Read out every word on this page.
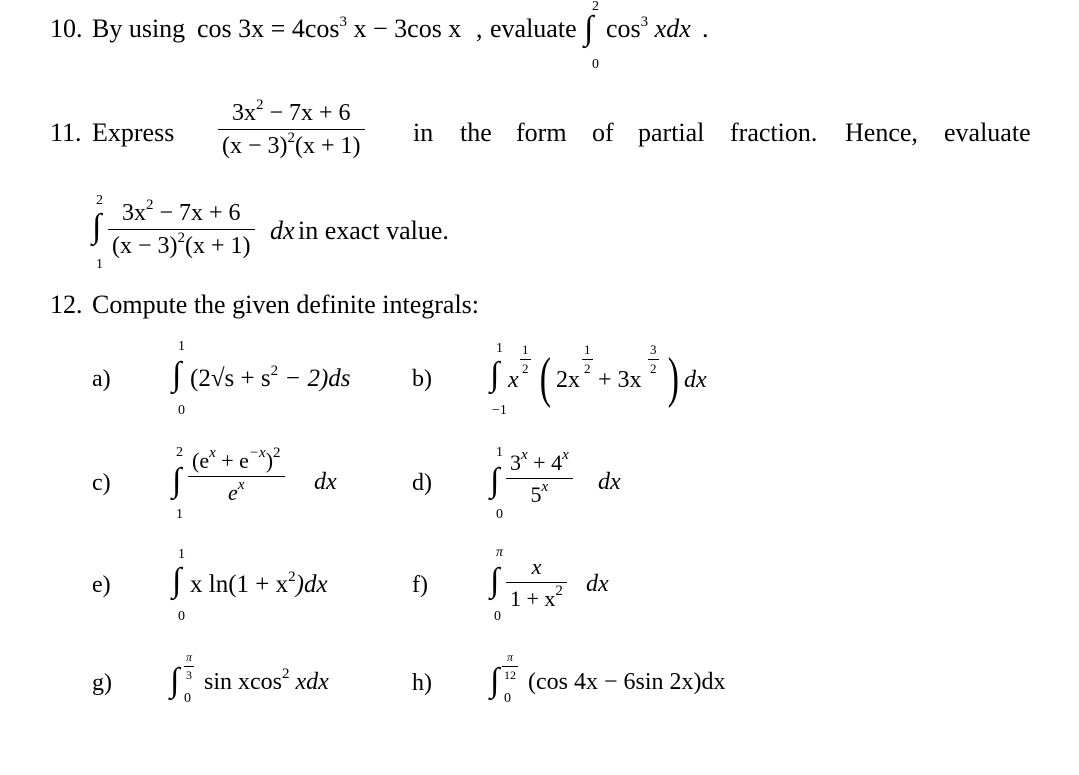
10. By using $\cos 3x = 4\cos^3$ x − 3cos x , evaluate
2
∫
0
$\cos^3$ xdx .
11. Express $\frac{3x^2 - 7x + 6}{(x - 3)^2(x + 1)}$ in the form of partial fraction. Hence, evaluate
2
∫
1
$\frac{3x^2 - 7x + 6}{(x - 3)^2(x + 1)}$ dx in exact value.
12. Compute the given definite integrals:
a)
1
∫
0
$(2√s + s^2 - 2)ds$	b)
1
∫
−1
x
$\frac{1}{2}$ ( 2x
$\frac{1}{2}$
+ 3x
$\frac{3}{2}$ ) dx
c)
2
∫
1
$\frac{(e^x + e^{-x})^2}{e^x}$ dx	d)
1
∫
0
$\frac{3^x + 4^x}{5^x}$ dx
e)
1
∫
0
x $\ln(1 + x^2)dx$	f)
π
∫
0
$\frac{x}{1 + x^2}$ dx
g) ∫ $\frac{\pi}{3}$
0
sin xcos$^2$ xdx	h) ∫ $\frac{\pi}{12}$
0
(cos 4x − 6sin 2x)dx
